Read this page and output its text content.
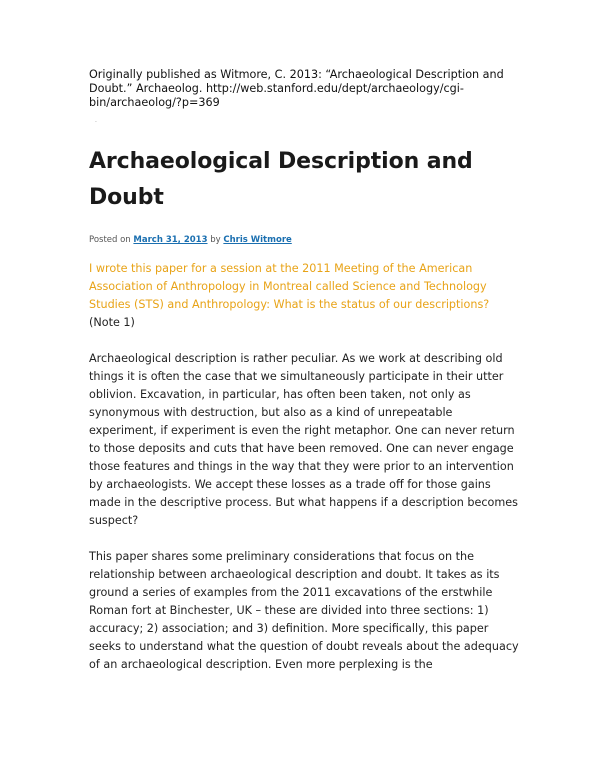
Originally published as Witmore, C. 2013: “Archaeological Description and Doubt.” Archaeolog. http://web.stanford.edu/dept/archaeology/cgi-bin/archaeolog/?p=369

.
Archaeological Description and Doubt
Posted on March 31, 2013 by Chris Witmore
I wrote this paper for a session at the 2011 Meeting of the American Association of Anthropology in Montreal called Science and Technology Studies (STS) and Anthropology: What is the status of our descriptions?
(Note 1)

Archaeological description is rather peculiar. As we work at describing old things it is often the case that we simultaneously participate in their utter oblivion. Excavation, in particular, has often been taken, not only as synonymous with destruction, but also as a kind of unrepeatable experiment, if experiment is even the right metaphor. One can never return to those deposits and cuts that have been removed. One can never engage those features and things in the way that they were prior to an intervention by archaeologists. We accept these losses as a trade off for those gains made in the descriptive process. But what happens if a description becomes suspect?

This paper shares some preliminary considerations that focus on the relationship between archaeological description and doubt. It takes as its ground a series of examples from the 2011 excavations of the erstwhile Roman fort at Binchester, UK – these are divided into three sections: 1) accuracy; 2) association; and 3) definition. More specifically, this paper seeks to understand what the question of doubt reveals about the adequacy of an archaeological description. Even more perplexing is the
